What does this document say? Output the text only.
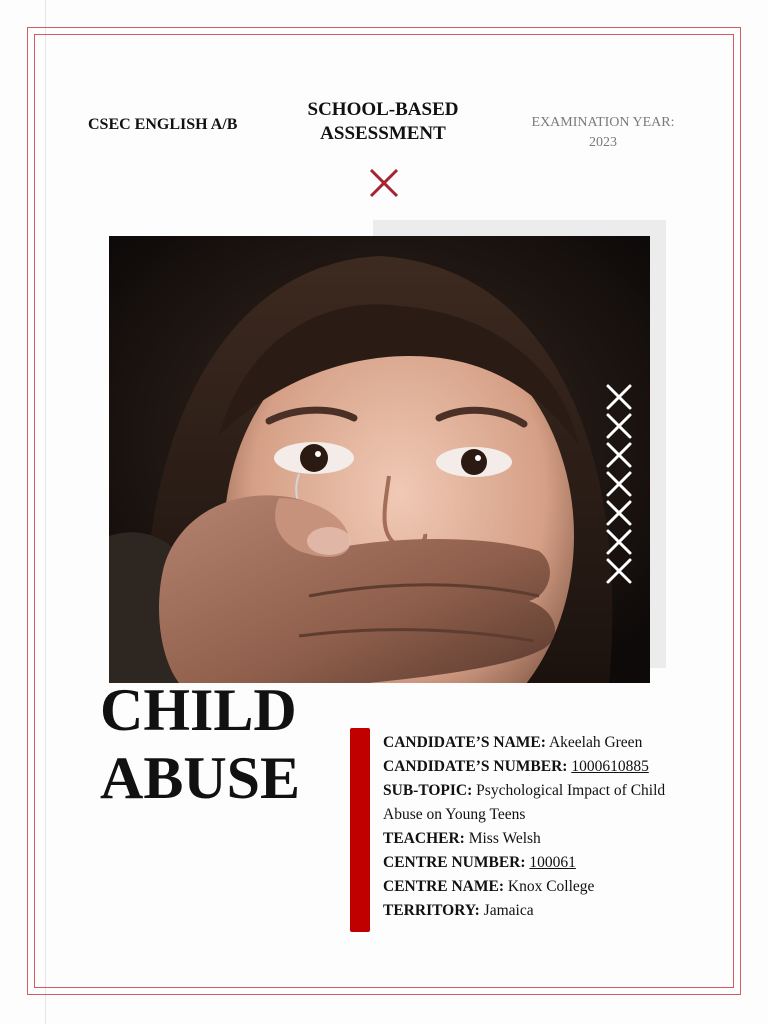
CSEC ENGLISH A/B
SCHOOL-BASED
ASSESSMENT
EXAMINATION YEAR:
2023
CHILD
ABUSE
CANDIDATE’S NAME: Akeelah Green
CANDIDATE’S NUMBER: 1000610885
SUB-TOPIC: Psychological Impact of Child Abuse on Young Teens
TEACHER: Miss Welsh
CENTRE NUMBER: 100061
CENTRE NAME: Knox College
TERRITORY: Jamaica
